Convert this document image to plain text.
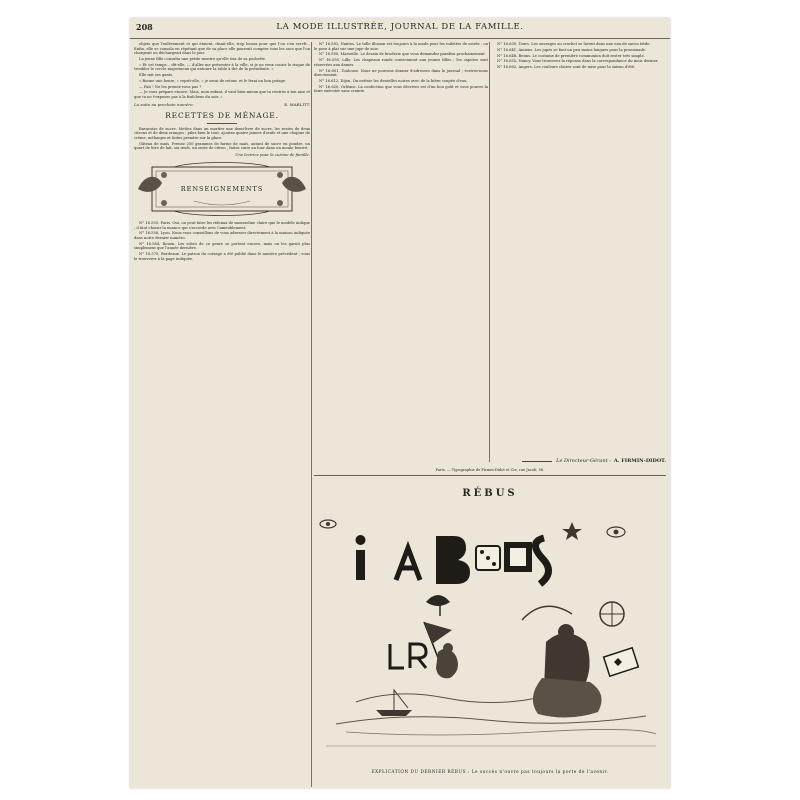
208	LA MODE ILLUSTRÉE, JOURNAL DE LA FAMILLE.

objets que l'enlèvement et qui étaient, disait-elle, trop beaux pour que l'on s'en servît... Enfin, elle se consola en répétant que de sa place elle pourrait compter tous les sacs que l'on chargeait ou déchargeait dans le jour.

La jeune fille consulta une petite montre qu'elle tira de sa pochette.

« Et cet temps... dit-elle, — d'aller me présenter à la ville, si je ne veux courir le risque de troubler le cercle majestueux qui entoure la table à thé de la présidente. »

Elle mit ses gants.

« Bonne une heure, » reprit-elle, « je serai de retour, et le ferai un bon potage.

— Fait ! Ne les prenez-vous pas ?

— Je vous prépare encore. Mais, mon enfant, il vaut bien mieux que tu rentres à ton aise et que tu ne t'exposes pas à la fraîcheur du soir. »

La suite au prochain numéro.	E. MARLITT.
RECETTES DE MÉNAGE.

Bavaroise de sucre. Mettez dans un mortier une demi-livre de sucre, les zestes de deux citrons et de deux oranges ; pilez bien le tout, ajoutez quatre jaunes d'œufs et une chopine de crème, mélangez et faites prendre sur la glace.

Gâteau de maïs. Prenez 250 grammes de farine de maïs, autant de sucre en poudre, un quart de litre de lait, six œufs, un zeste de citron ; faites cuire au four dans un moule beurré.

Une lectrice pour la cuisine de famille.
RENSEIGNEMENTS

N° 16.555, Paris. Oui, on peut faire les rideaux de mousseline claire que le modèle indique ; il faut choisir la nuance qui s'accorde avec l'ameublement.

N° 16.558, Lyon. Nous vous conseillons de vous adresser directement à la maison indiquée dans notre dernier numéro.

N° 16.564, Rouen. Les robes de ce genre se portent encore, mais on les garnit plus simplement que l'année dernière.

N° 16.570, Bordeaux. Le patron du corsage a été publié dans le numéro précédent ; vous le trouverez à la page indiquée.

N° 16.582, Nantes. Le tulle illusion est toujours à la mode pour les toilettes de soirée ; on le pose à plat sur une jupe de soie.

N° 16.590, Marseille. Le dessin de broderie que vous demandez paraîtra prochainement.

N° 16.595, Lille. Les chapeaux ronds conviennent aux jeunes filles ; les capotes sont réservées aux dames.

N° 16.601, Toulouse. Nous ne pouvons donner d'adresses dans le journal ; écrivez-nous directement.

N° 16.612, Dijon. On nettoie les dentelles noires avec de la bière coupée d'eau.

N° 16.620, Orléans. La confection que vous décrivez est d'un bon goût et vous pouvez la faire exécuter sans crainte.

N° 16.630, Tours. Les ouvrages au crochet se lavent dans une eau de savon tiède.

N° 16.641, Amiens. Les jupes se font un peu moins longues pour la promenade.

N° 16.648, Reims. Le costume de première communion doit rester très simple.

N° 16.655, Nancy. Vous trouverez la réponse dans la correspondance du mois dernier.

N° 16.662, Angers. Les couleurs claires sont de mise pour la saison d'été.

Le Directeur-Gérant : A. FIRMIN-DIDOT.
Paris. — Typographie de Firmin-Didot et Cie, rue Jacob, 56.
RÉBUS
EXPLICATION DU DERNIER RÉBUS : Le succès n'ouvre pas toujours la porte de l'avenir.
